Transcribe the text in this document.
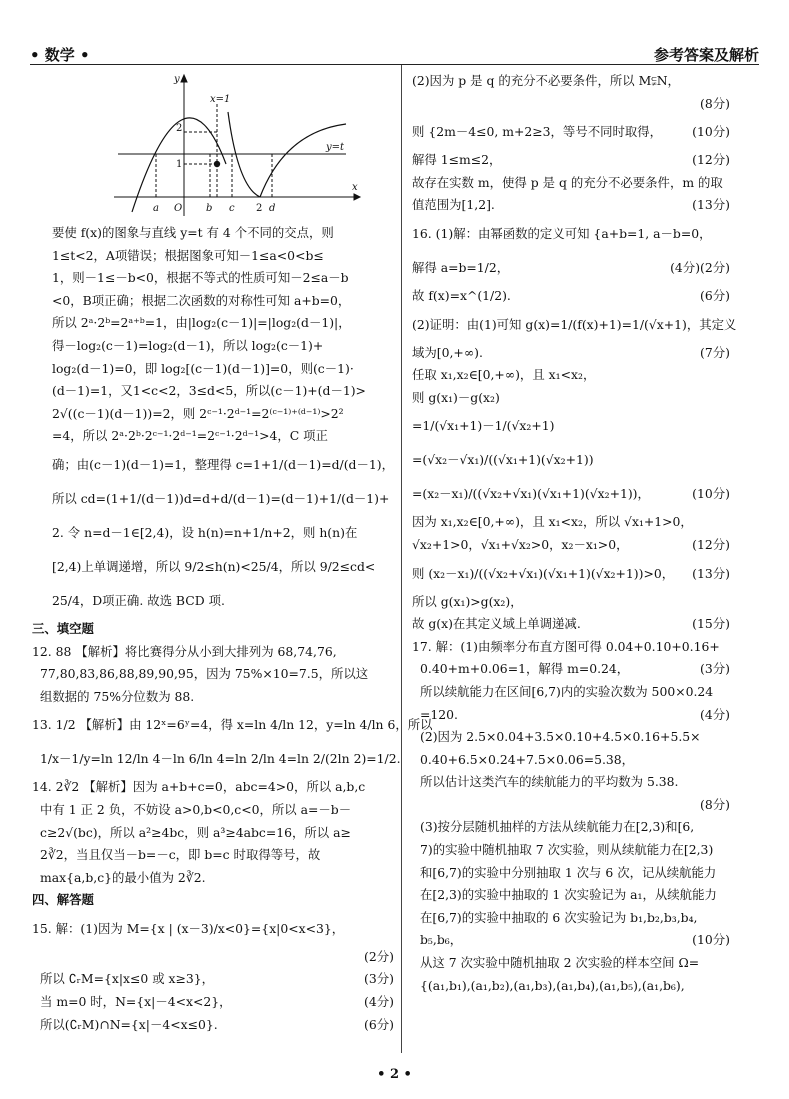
• 数学 •	参考答案及解析
y
x
x=1
y=t
2
1
O
a	b c 2 d
要使 f(x)的图象与直线 y=t 有 4 个不同的交点，则
1≤t<2，A项错误；根据图象可知－1≤a<0<b≤
1，则－1≤－b<0，根据不等式的性质可知－2≤a－b
<0，B项正确；根据二次函数的对称性可知 a+b=0，
所以 2ᵃ·2ᵇ=2ᵃ⁺ᵇ=1，由|log₂(c－1)|=|log₂(d－1)|，
得－log₂(c－1)=log₂(d－1)，所以 log₂(c－1)+
log₂(d－1)=0，即 log₂[(c－1)(d－1)]=0，则(c－1)·
(d－1)=1，又1<c<2，3≤d<5，所以(c－1)+(d－1)>
2√((c－1)(d－1))=2，则 2ᶜ⁻¹·2ᵈ⁻¹=2⁽ᶜ⁻¹⁾⁺⁽ᵈ⁻¹⁾>2²
=4，所以 2ᵃ·2ᵇ·2ᶜ⁻¹·2ᵈ⁻¹=2ᶜ⁻¹·2ᵈ⁻¹>4，C 项正
确；由(c－1)(d－1)=1，整理得 c=1+1/(d－1)=d/(d－1)，
所以 cd=(1+1/(d－1))d=d+d/(d－1)=(d－1)+1/(d－1)+
2. 令 n=d－1∈[2,4)，设 h(n)=n+1/n+2，则 h(n)在
[2,4)上单调递增，所以 9/2≤h(n)<25/4，所以 9/2≤cd<
25/4，D项正确. 故选 BCD 项.
三、填空题
12. 88 【解析】将比赛得分从小到大排列为 68,74,76,
77,80,83,86,88,89,90,95，因为 75%×10=7.5，所以这
组数据的 75%分位数为 88.
13. 1/2 【解析】由 12ˣ=6ʸ=4，得 x=ln 4/ln 12，y=ln 4/ln 6，所以
1/x－1/y=ln 12/ln 4－ln 6/ln 4=ln 2/ln 4=ln 2/(2ln 2)=1/2.
14. 2∛2 【解析】因为 a+b+c=0，abc=4>0，所以 a,b,c
中有 1 正 2 负，不妨设 a>0,b<0,c<0，所以 a=－b－
c≥2√(bc)，所以 a²≥4bc，则 a³≥4abc=16，所以 a≥
2∛2，当且仅当－b=－c，即 b=c 时取得等号，故
max{a,b,c}的最小值为 2∛2.
四、解答题
15. 解：(1)因为 M={x | (x－3)/x<0}={x|0<x<3}，
(2分)
所以 ∁ᵣM={x|x≤0 或 x≥3}，	(3分)
当 m=0 时，N={x|－4<x<2}，	(4分)
所以(∁ᵣM)∩N={x|－4<x≤0}.	(6分)
(2)因为 p 是 q 的充分不必要条件，所以 M⫋N，
(8分)
则 {2m－4≤0, m+2≥3，等号不同时取得， (10分)
解得 1≤m≤2，	(12分)
故存在实数 m，使得 p 是 q 的充分不必要条件，m 的取
值范围为[1,2].	(13分)
16. (1)解：由幂函数的定义可知 {a+b=1, a－b=0，
(2分)
解得 a=b=1/2，	(4分)
故 f(x)=x^(1/2).	(6分)
(2)证明：由(1)可知 g(x)=1/(f(x)+1)=1/(√x+1)，其定义
域为[0,+∞).	(7分)
任取 x₁,x₂∈[0,+∞)，且 x₁<x₂，
则 g(x₁)－g(x₂)
=1/(√x₁+1)－1/(√x₂+1)
=(√x₂－√x₁)/((√x₁+1)(√x₂+1))
=(x₂－x₁)/((√x₂+√x₁)(√x₁+1)(√x₂+1))，	(10分)
因为 x₁,x₂∈[0,+∞)，且 x₁<x₂，所以 √x₁+1>0，
√x₂+1>0，√x₁+√x₂>0，x₂－x₁>0，	(12分)
则 (x₂－x₁)/((√x₂+√x₁)(√x₁+1)(√x₂+1))>0， (13分)
所以 g(x₁)>g(x₂)，
故 g(x)在其定义域上单调递减.	(15分)
17. 解：(1)由频率分布直方图可得 0.04+0.10+0.16+
0.40+m+0.06=1，解得 m=0.24，	(3分)
所以续航能力在区间[6,7)内的实验次数为 500×0.24
=120.	(4分)
(2)因为 2.5×0.04+3.5×0.10+4.5×0.16+5.5×
0.40+6.5×0.24+7.5×0.06=5.38，
所以估计这类汽车的续航能力的平均数为 5.38.
(8分)
(3)按分层随机抽样的方法从续航能力在[2,3)和[6,
7)的实验中随机抽取 7 次实验，则从续航能力在[2,3)
和[6,7)的实验中分别抽取 1 次与 6 次，记从续航能力
在[2,3)的实验中抽取的 1 次实验记为 a₁，从续航能力
在[6,7)的实验中抽取的 6 次实验记为 b₁,b₂,b₃,b₄,
b₅,b₆，	(10分)
从这 7 次实验中随机抽取 2 次实验的样本空间 Ω=
{(a₁,b₁),(a₁,b₂),(a₁,b₃),(a₁,b₄),(a₁,b₅),(a₁,b₆),
• 2 •
